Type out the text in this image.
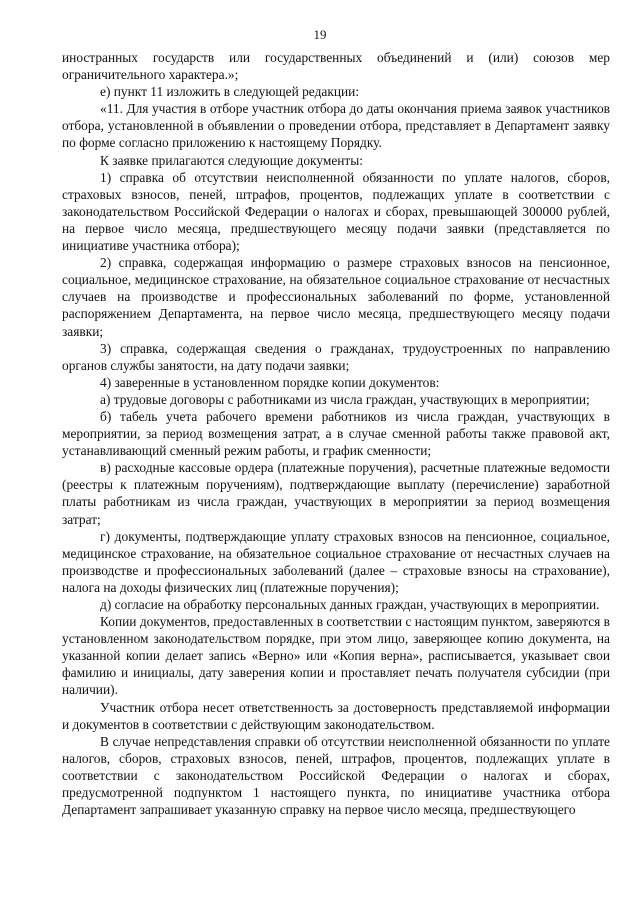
19

иностранных государств или государственных объединений и (или) союзов мер ограничительного характера.»;

е) пункт 11 изложить в следующей редакции:

«11. Для участия в отборе участник отбора до даты окончания приема заявок участников отбора, установленной в объявлении о проведении отбора, представляет в Департамент заявку по форме согласно приложению к настоящему Порядку.

К заявке прилагаются следующие документы:

1) справка об отсутствии неисполненной обязанности по уплате налогов, сборов, страховых взносов, пеней, штрафов, процентов, подлежащих уплате в соответствии с законодательством Российской Федерации о налогах и сборах, превышающей 300000 рублей, на первое число месяца, предшествующего месяцу подачи заявки (представляется по инициативе участника отбора);

2) справка, содержащая информацию о размере страховых взносов на пенсионное, социальное, медицинское страхование, на обязательное социальное страхование от несчастных случаев на производстве и профессиональных заболеваний по форме, установленной распоряжением Департамента, на первое число месяца, предшествующего месяцу подачи заявки;

3) справка, содержащая сведения о гражданах, трудоустроенных по направлению органов службы занятости, на дату подачи заявки;

4) заверенные в установленном порядке копии документов:

а) трудовые договоры с работниками из числа граждан, участвующих в мероприятии;

б) табель учета рабочего времени работников из числа граждан, участвующих в мероприятии, за период возмещения затрат, а в случае сменной работы также правовой акт, устанавливающий сменный режим работы, и график сменности;

в) расходные кассовые ордера (платежные поручения), расчетные платежные ведомости (реестры к платежным поручениям), подтверждающие выплату (перечисление) заработной платы работникам из числа граждан, участвующих в мероприятии за период возмещения затрат;

г) документы, подтверждающие уплату страховых взносов на пенсионное, социальное, медицинское страхование, на обязательное социальное страхование от несчастных случаев на производстве и профессиональных заболеваний (далее – страховые взносы на страхование), налога на доходы физических лиц (платежные поручения);

д) согласие на обработку персональных данных граждан, участвующих в мероприятии.

Копии документов, предоставленных в соответствии с настоящим пунктом, заверяются в установленном законодательством порядке, при этом лицо, заверяющее копию документа, на указанной копии делает запись «Верно» или «Копия верна», расписывается, указывает свои фамилию и инициалы, дату заверения копии и проставляет печать получателя субсидии (при наличии).

Участник отбора несет ответственность за достоверность представляемой информации и документов в соответствии с действующим законодательством.

В случае непредставления справки об отсутствии неисполненной обязанности по уплате налогов, сборов, страховых взносов, пеней, штрафов, процентов, подлежащих уплате в соответствии с законодательством Российской Федерации о налогах и сборах, предусмотренной подпунктом 1 настоящего пункта, по инициативе участника отбора Департамент запрашивает указанную справку на первое число месяца, предшествующего
